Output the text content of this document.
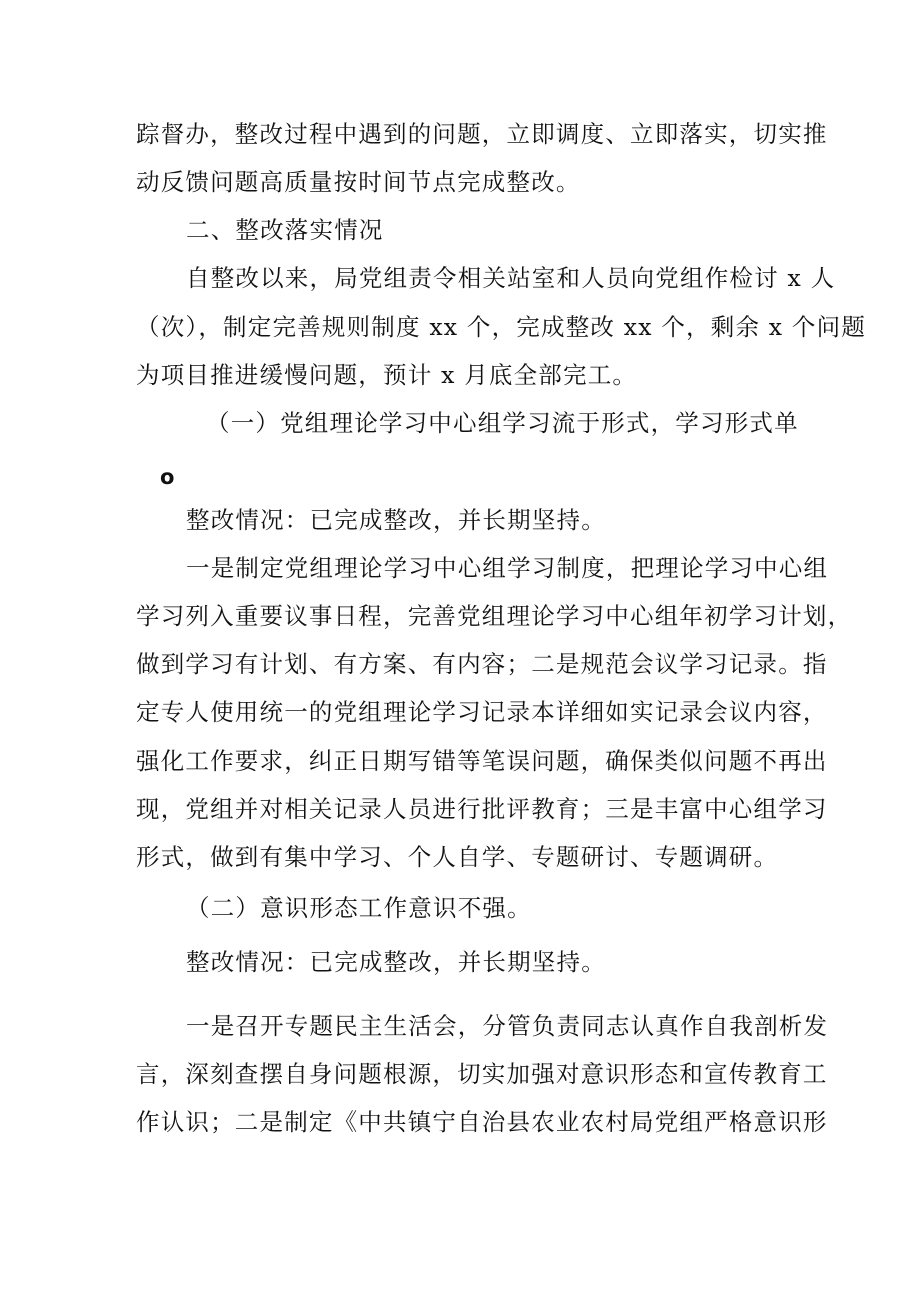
踪督办，整改过程中遇到的问题，立即调度、立即落实，切实推
动反馈问题高质量按时间节点完成整改。
二、整改落实情况
自整改以来，局党组责令相关站室和人员向党组作检讨 x 人
（次），制定完善规则制度 xx 个，完成整改 xx 个，剩余 x 个问题
为项目推进缓慢问题，预计 x 月底全部完工。
（一）党组理论学习中心组学习流于形式，学习形式单
o
整改情况：已完成整改，并长期坚持。
一是制定党组理论学习中心组学习制度，把理论学习中心组
学习列入重要议事日程，完善党组理论学习中心组年初学习计划，
做到学习有计划、有方案、有内容；二是规范会议学习记录。指
定专人使用统一的党组理论学习记录本详细如实记录会议内容，
强化工作要求，纠正日期写错等笔误问题，确保类似问题不再出
现，党组并对相关记录人员进行批评教育；三是丰富中心组学习
形式，做到有集中学习、个人自学、专题研讨、专题调研。
（二）意识形态工作意识不强。
整改情况：已完成整改，并长期坚持。
一是召开专题民主生活会，分管负责同志认真作自我剖析发
言，深刻查摆自身问题根源，切实加强对意识形态和宣传教育工
作认识；二是制定《中共镇宁自治县农业农村局党组严格意识形
